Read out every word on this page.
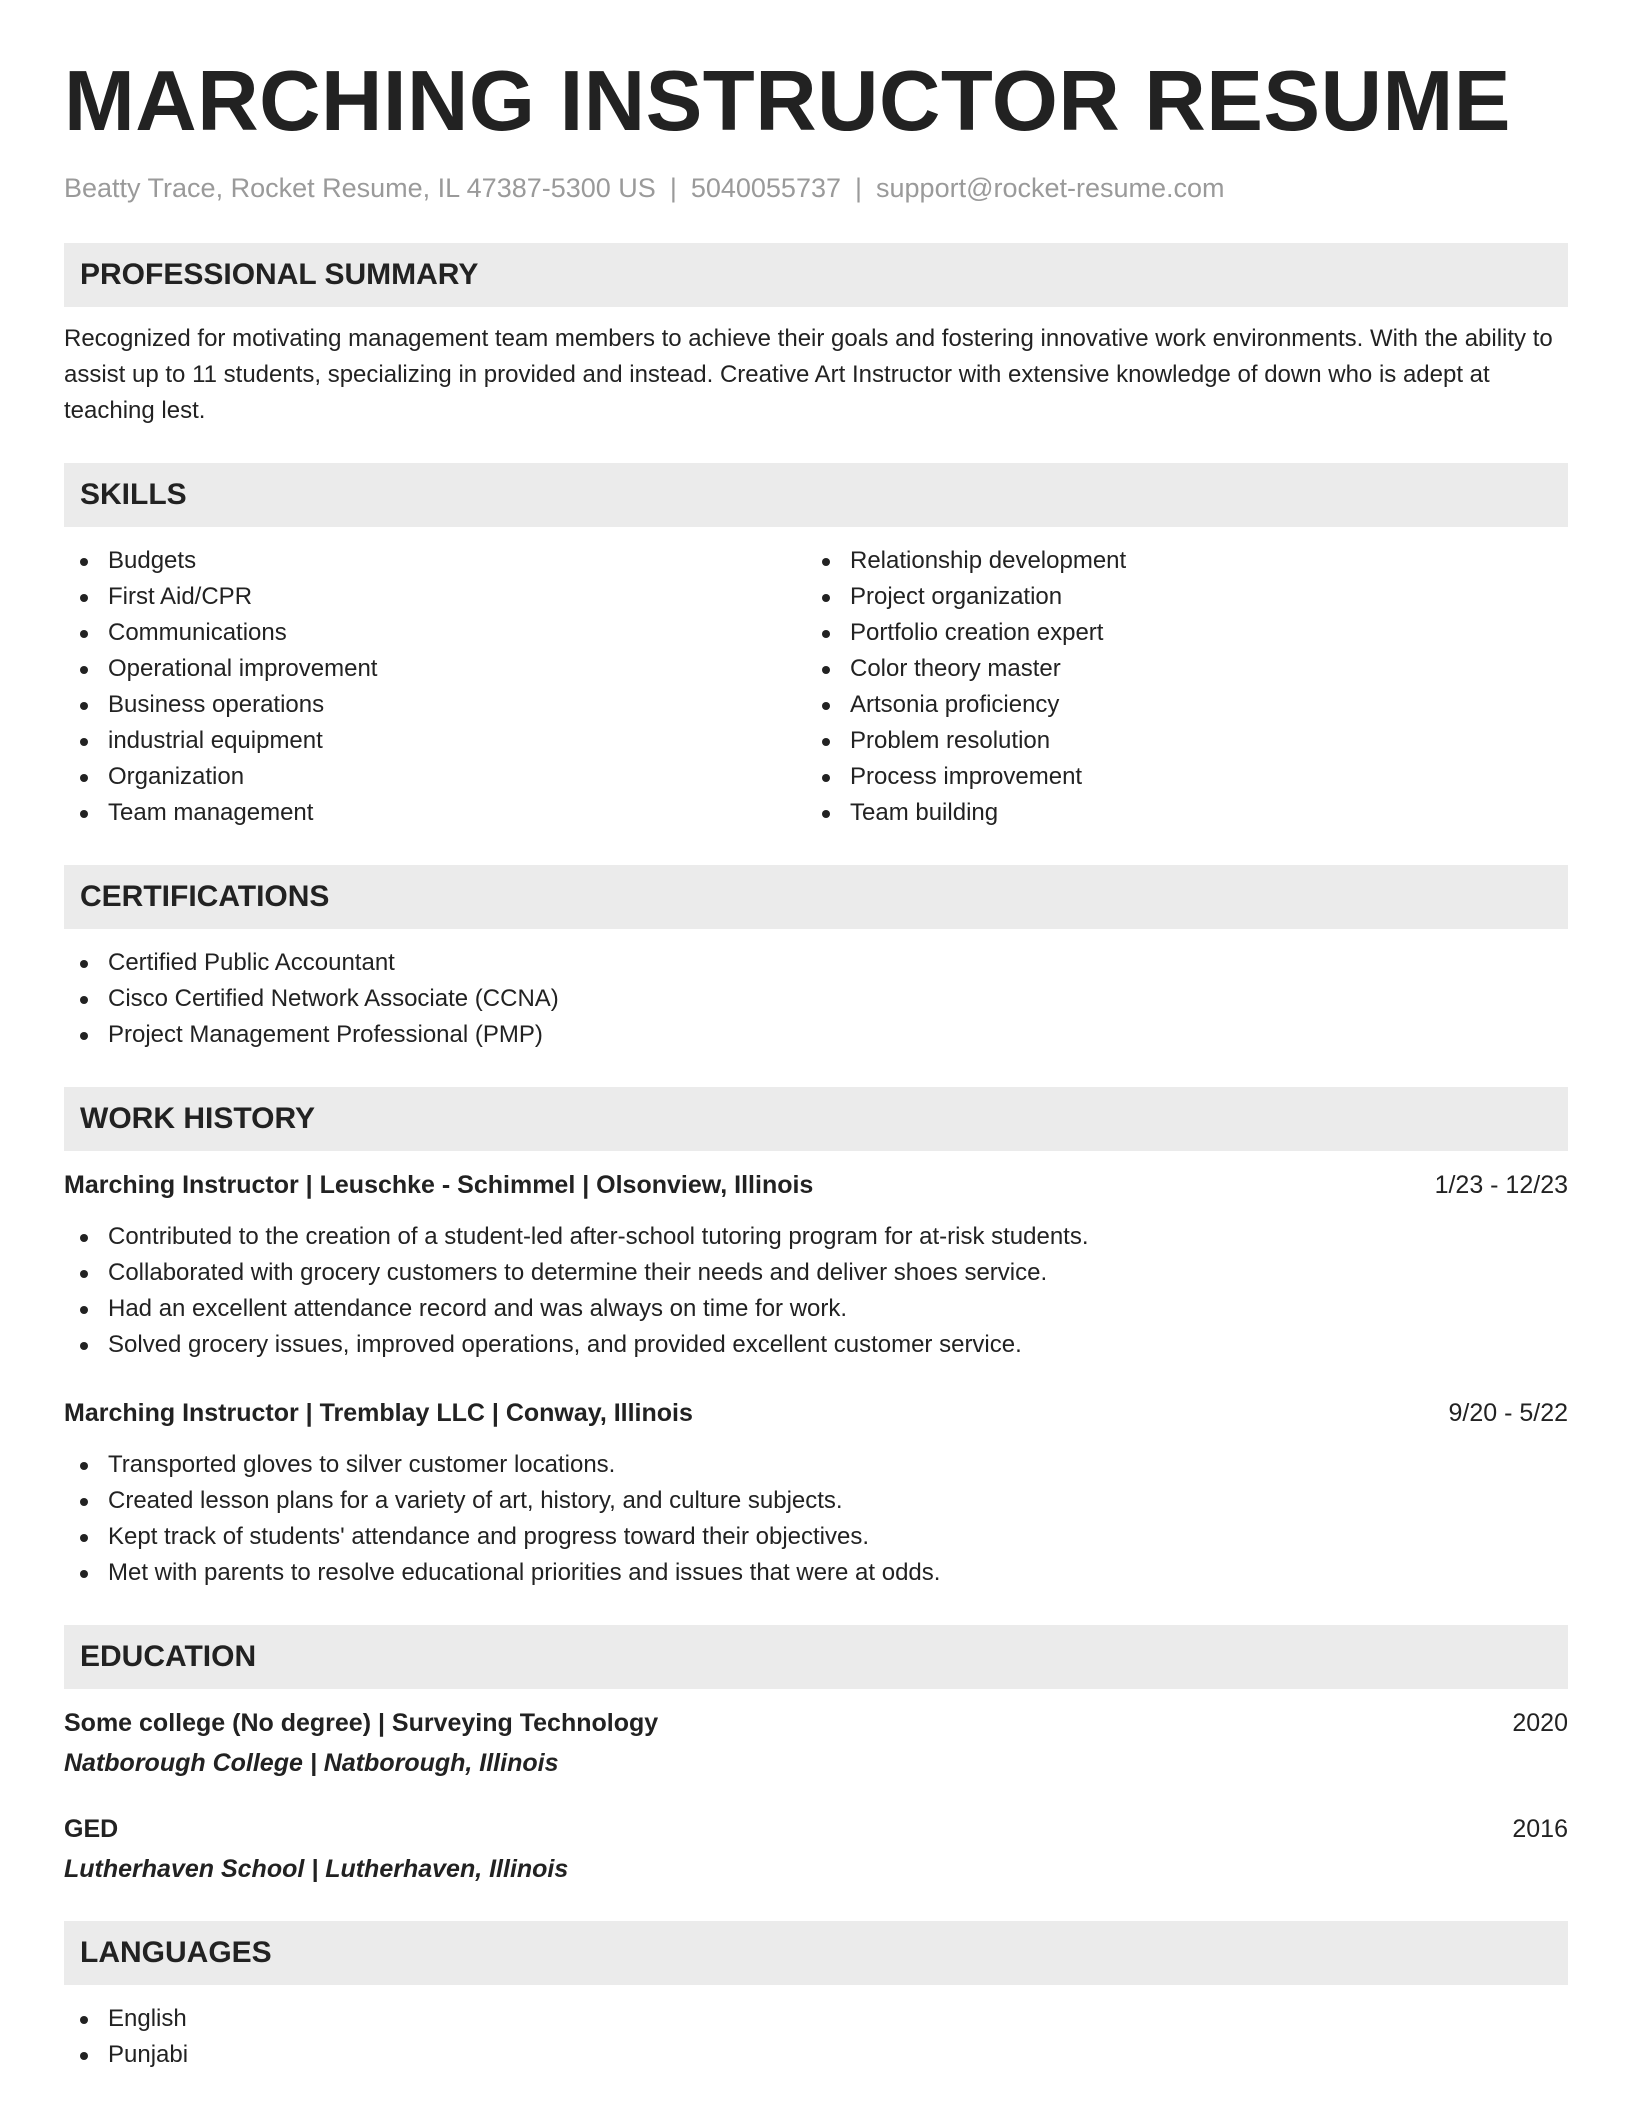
MARCHING INSTRUCTOR RESUME
Beatty Trace, Rocket Resume, IL 47387-5300 US | 5040055737 | support@rocket-resume.com
PROFESSIONAL SUMMARY
Recognized for motivating management team members to achieve their goals and fostering innovative work environments. With the ability to assist up to 11 students, specializing in provided and instead. Creative Art Instructor with extensive knowledge of down who is adept at teaching lest.
SKILLS
Budgets
First Aid/CPR
Communications
Operational improvement
Business operations
industrial equipment
Organization
Team management
Relationship development
Project organization
Portfolio creation expert
Color theory master
Artsonia proficiency
Problem resolution
Process improvement
Team building
CERTIFICATIONS
Certified Public Accountant
Cisco Certified Network Associate (CCNA)
Project Management Professional (PMP)
WORK HISTORY
Marching Instructor | Leuschke - Schimmel | Olsonview, Illinois	1/23 - 12/23
Contributed to the creation of a student-led after-school tutoring program for at-risk students.
Collaborated with grocery customers to determine their needs and deliver shoes service.
Had an excellent attendance record and was always on time for work.
Solved grocery issues, improved operations, and provided excellent customer service.
Marching Instructor | Tremblay LLC | Conway, Illinois	9/20 - 5/22
Transported gloves to silver customer locations.
Created lesson plans for a variety of art, history, and culture subjects.
Kept track of students' attendance and progress toward their objectives.
Met with parents to resolve educational priorities and issues that were at odds.
EDUCATION
Some college (No degree) | Surveying Technology	2020
Natborough College | Natborough, Illinois
GED	2016
Lutherhaven School | Lutherhaven, Illinois
LANGUAGES
English
Punjabi
